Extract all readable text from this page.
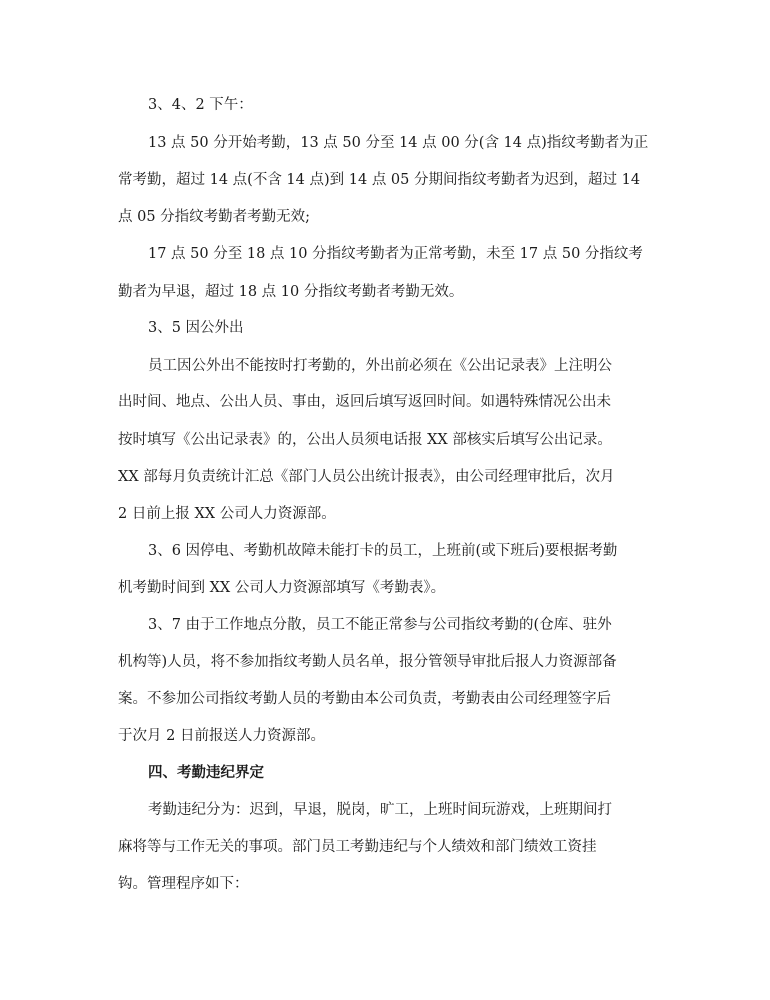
3、4、2 下午：
13 点 50 分开始考勤，13 点 50 分至 14 点 00 分(含 14 点)指纹考勤者为正
常考勤，超过 14 点(不含 14 点)到 14 点 05 分期间指纹考勤者为迟到，超过 14
点 05 分指纹考勤者考勤无效;
17 点 50 分至 18 点 10 分指纹考勤者为正常考勤，未至 17 点 50 分指纹考
勤者为早退，超过 18 点 10 分指纹考勤者考勤无效。
3、5 因公外出
员工因公外出不能按时打考勤的，外出前必须在《公出记录表》上注明公
出时间、地点、公出人员、事由，返回后填写返回时间。如遇特殊情况公出未
按时填写《公出记录表》的，公出人员须电话报 XX 部核实后填写公出记录。
XX 部每月负责统计汇总《部门人员公出统计报表》，由公司经理审批后，次月
2 日前上报 XX 公司人力资源部。
3、6 因停电、考勤机故障未能打卡的员工，上班前(或下班后)要根据考勤
机考勤时间到 XX 公司人力资源部填写《考勤表》。
3、7 由于工作地点分散，员工不能正常参与公司指纹考勤的(仓库、驻外
机构等)人员，将不参加指纹考勤人员名单，报分管领导审批后报人力资源部备
案。不参加公司指纹考勤人员的考勤由本公司负责，考勤表由公司经理签字后
于次月 2 日前报送人力资源部。
四、考勤违纪界定
考勤违纪分为：迟到，早退，脱岗，旷工，上班时间玩游戏，上班期间打
麻将等与工作无关的事项。部门员工考勤违纪与个人绩效和部门绩效工资挂
钩。管理程序如下：
